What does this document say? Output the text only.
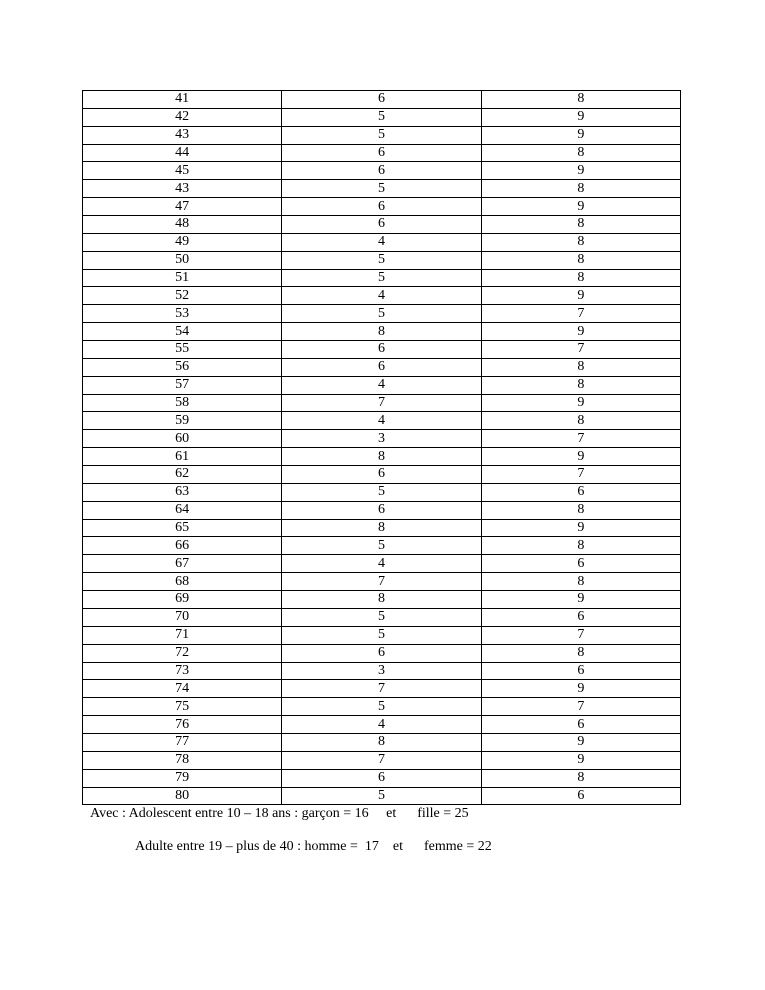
41	6	8
42	5	9
43	5	9
44	6	8
45	6	9
43	5	8
47	6	9
48	6	8
49	4	8
50	5	8
51	5	8
52	4	9
53	5	7
54	8	9
55	6	7
56	6	8
57	4	8
58	7	9
59	4	8
60	3	7
61	8	9
62	6	7
63	5	6
64	6	8
65	8	9
66	5	8
67	4	6
68	7	8
69	8	9
70	5	6
71	5	7
72	6	8
73	3	6
74	7	9
75	5	7
76	4	6
77	8	9
78	7	9
79	6	8
80	5	6

Avec : Adolescent entre 10 – 18 ans : garçon = 16     et      fille = 25

Adulte entre 19 – plus de 40 : homme =  17    et      femme = 22
